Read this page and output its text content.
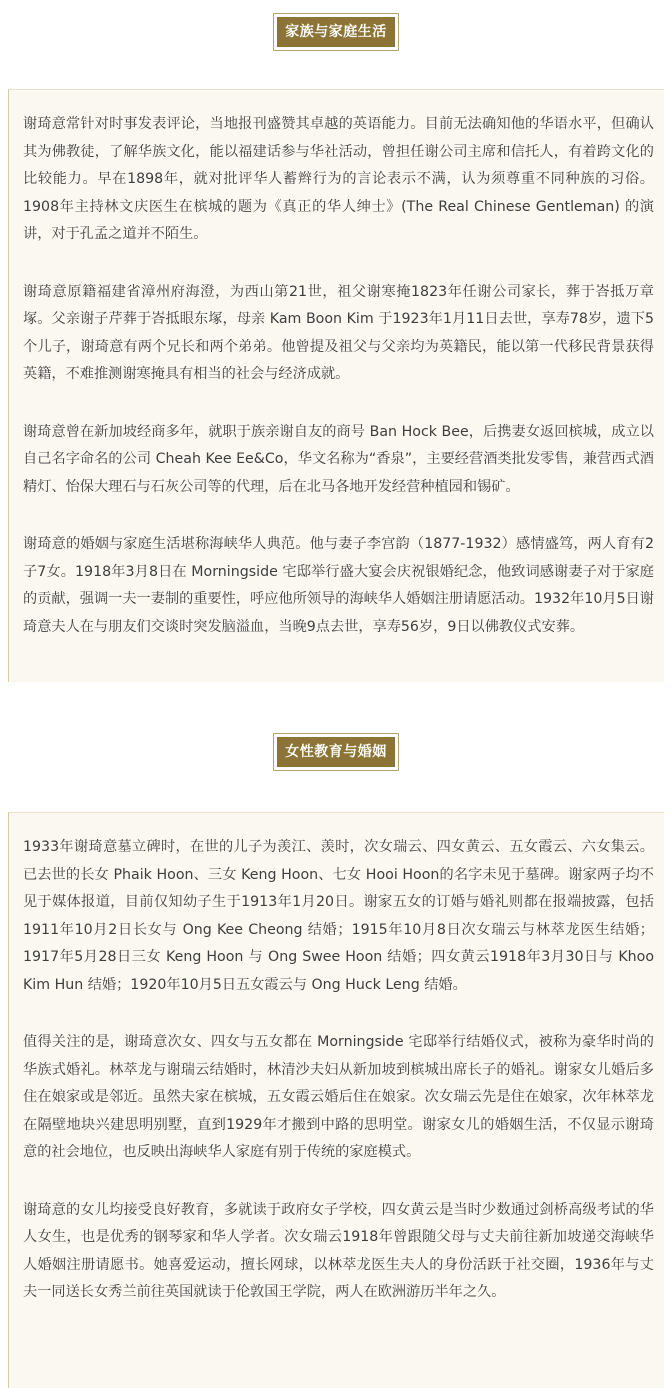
家族与家庭生活

谢琦意常针对时事发表评论，当地报刊盛赞其卓越的英语能力。目前无法确知他的华语水平，但确认其为佛教徒，了解华族文化，能以福建话参与华社活动，曾担任谢公司主席和信托人，有着跨文化的比较能力。早在1898年，就对批评华人蓄辫行为的言论表示不满，认为须尊重不同种族的习俗。1908年主持林文庆医生在槟城的题为《真正的华人绅士》(The Real Chinese Gentleman) 的演讲，对于孔孟之道并不陌生。

谢琦意原籍福建省漳州府海澄，为西山第21世，祖父谢寒掩1823年任谢公司家长，葬于峇抵万章塚。父亲谢子芹葬于峇抵眼东塚，母亲 Kam Boon Kim 于1923年1月11日去世，享寿78岁，遗下5个儿子，谢琦意有两个兄长和两个弟弟。他曾提及祖父与父亲均为英籍民，能以第一代移民背景获得英籍，不难推测谢寒掩具有相当的社会与经济成就。

谢琦意曾在新加坡经商多年，就职于族亲谢自友的商号 Ban Hock Bee，后携妻女返回槟城，成立以自己名字命名的公司 Cheah Kee Ee&Co，华文名称为“香泉”，主要经营酒类批发零售，兼营西式酒精灯、怡保大理石与石灰公司等的代理，后在北马各地开发经营种植园和锡矿。

谢琦意的婚姻与家庭生活堪称海峡华人典范。他与妻子李宫韵（1877-1932）感情盛笃，两人育有2子7女。1918年3月8日在 Morningside 宅邸举行盛大宴会庆祝银婚纪念，他致词感谢妻子对于家庭的贡献，强调一夫一妻制的重要性，呼应他所领导的海峡华人婚姻注册请愿活动。1932年10月5日谢琦意夫人在与朋友们交谈时突发脑溢血，当晚9点去世，享寿56岁，9日以佛教仪式安葬。

女性教育与婚姻

1933年谢琦意墓立碑时，在世的儿子为羡江、羡时，次女瑞云、四女黄云、五女霞云、六女集云。已去世的长女 Phaik Hoon、三女 Keng Hoon、七女 Hooi Hoon的名字未见于墓碑。谢家两子均不见于媒体报道，目前仅知幼子生于1913年1月20日。谢家五女的订婚与婚礼则都在报端披露，包括1911年10月2日长女与 Ong Kee Cheong 结婚；1915年10月8日次女瑞云与林萃龙医生结婚；1917年5月28日三女 Keng Hoon 与 Ong Swee Hoon 结婚；四女黄云1918年3月30日与 Khoo Kim Hun 结婚；1920年10月5日五女霞云与 Ong Huck Leng 结婚。

值得关注的是，谢琦意次女、四女与五女都在 Morningside 宅邸举行结婚仪式，被称为豪华时尚的华族式婚礼。林萃龙与谢瑞云结婚时，林清沙夫妇从新加坡到槟城出席长子的婚礼。谢家女儿婚后多住在娘家或是邻近。虽然夫家在槟城，五女霞云婚后住在娘家。次女瑞云先是住在娘家，次年林萃龙在隔壁地块兴建思明别墅，直到1929年才搬到中路的思明堂。谢家女儿的婚姻生活，不仅显示谢琦意的社会地位，也反映出海峡华人家庭有别于传统的家庭模式。

谢琦意的女儿均接受良好教育，多就读于政府女子学校，四女黄云是当时少数通过剑桥高级考试的华人女生，也是优秀的钢琴家和华人学者。次女瑞云1918年曾跟随父母与丈夫前往新加坡递交海峡华人婚姻注册请愿书。她喜爱运动，擅长网球，以林萃龙医生夫人的身份活跃于社交圈，1936年与丈夫一同送长女秀兰前往英国就读于伦敦国王学院，两人在欧洲游历半年之久。
